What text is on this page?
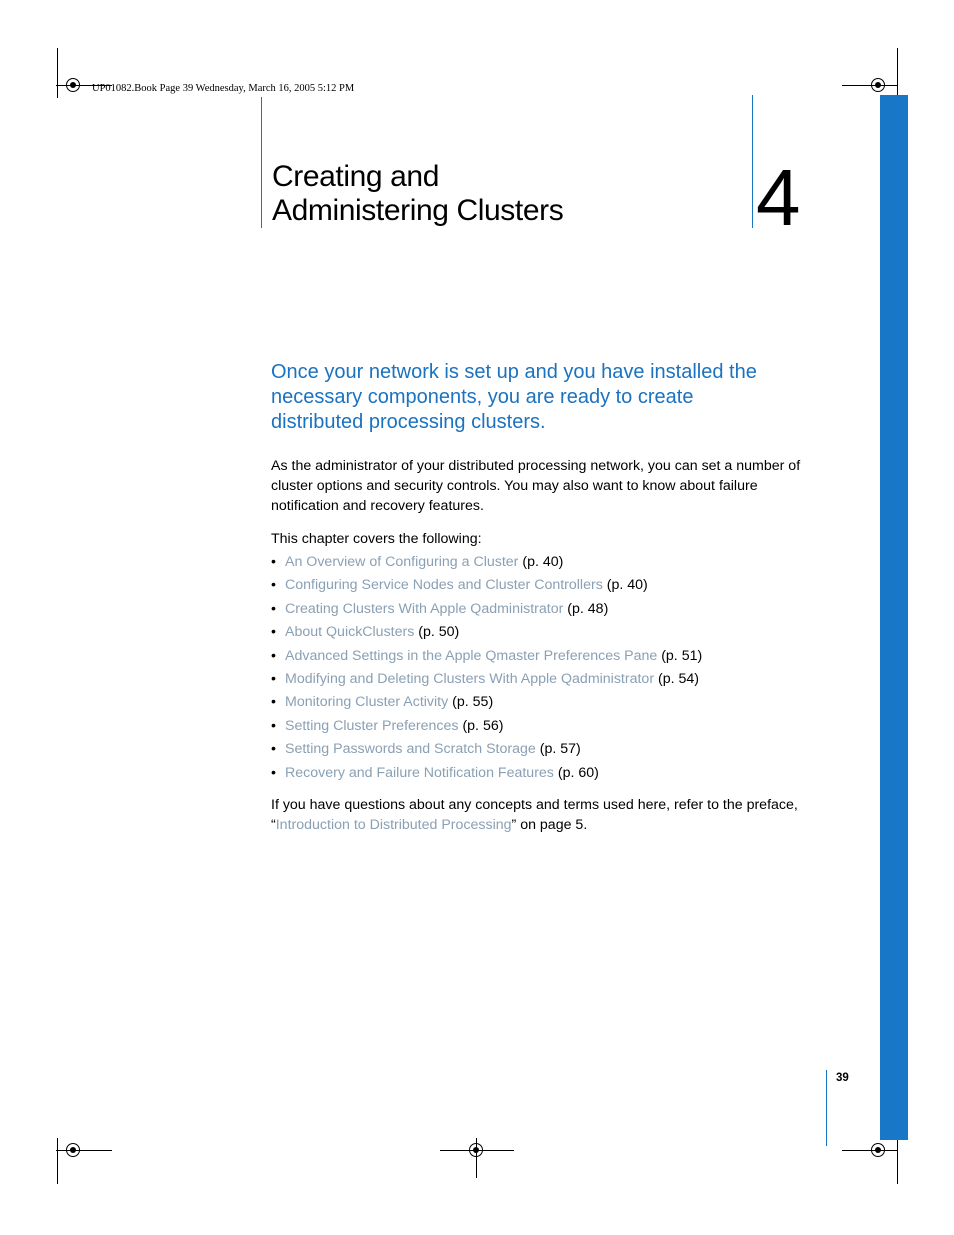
UP01082.Book Page 39 Wednesday, March 16, 2005 5:12 PM
Creating and
Administering Clusters 4

Once your network is set up and you have installed the necessary components, you are ready to create distributed processing clusters.

As the administrator of your distributed processing network, you can set a number of cluster options and security controls. You may also want to know about failure notification and recovery features.

This chapter covers the following:

• An Overview of Configuring a Cluster (p. 40)
• Configuring Service Nodes and Cluster Controllers (p. 40)
• Creating Clusters With Apple Qadministrator (p. 48)
• About QuickClusters (p. 50)
• Advanced Settings in the Apple Qmaster Preferences Pane (p. 51)
• Modifying and Deleting Clusters With Apple Qadministrator (p. 54)
• Monitoring Cluster Activity (p. 55)
• Setting Cluster Preferences (p. 56)
• Setting Passwords and Scratch Storage (p. 57)
• Recovery and Failure Notification Features (p. 60)

If you have questions about any concepts and terms used here, refer to the preface, “Introduction to Distributed Processing” on page 5.

39
